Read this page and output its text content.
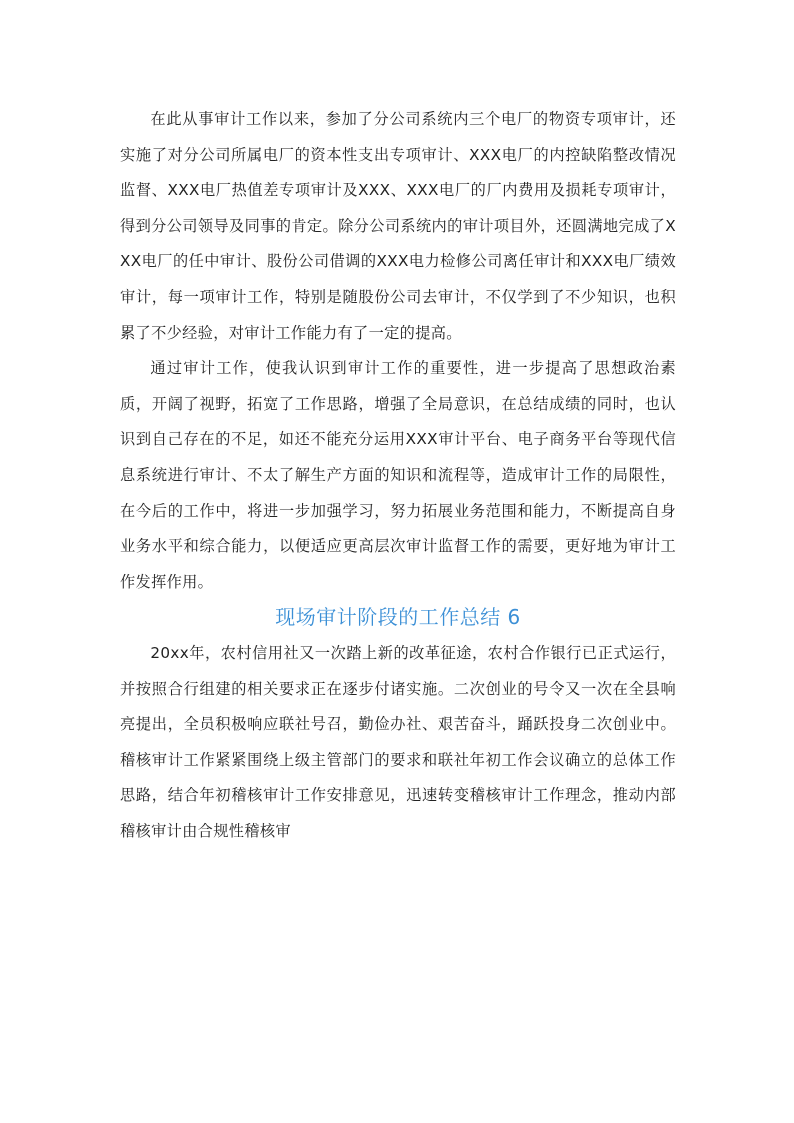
在此从事审计工作以来，参加了分公司系统内三个电厂的物资专项审计，还实施了对分公司所属电厂的资本性支出专项审计、XXX电厂的内控缺陷整改情况监督、XXX电厂热值差专项审计及XXX、XXX电厂的厂内费用及损耗专项审计，得到分公司领导及同事的肯定。除分公司系统内的审计项目外，还圆满地完成了XXX电厂的任中审计、股份公司借调的XXX电力检修公司离任审计和XXX电厂绩效审计，每一项审计工作，特别是随股份公司去审计，不仅学到了不少知识，也积累了不少经验，对审计工作能力有了一定的提高。

通过审计工作，使我认识到审计工作的重要性，进一步提高了思想政治素质，开阔了视野，拓宽了工作思路，增强了全局意识，在总结成绩的同时，也认识到自己存在的不足，如还不能充分运用XXX审计平台、电子商务平台等现代信息系统进行审计、不太了解生产方面的知识和流程等，造成审计工作的局限性，在今后的工作中，将进一步加强学习，努力拓展业务范围和能力，不断提高自身业务水平和综合能力，以便适应更高层次审计监督工作的需要，更好地为审计工作发挥作用。

现场审计阶段的工作总结 6

20xx年，农村信用社又一次踏上新的改革征途，农村合作银行已正式运行，并按照合行组建的相关要求正在逐步付诸实施。二次创业的号令又一次在全县响亮提出，全员积极响应联社号召，勤俭办社、艰苦奋斗，踊跃投身二次创业中。稽核审计工作紧紧围绕上级主管部门的要求和联社年初工作会议确立的总体工作思路，结合年初稽核审计工作安排意见，迅速转变稽核审计工作理念，推动内部稽核审计由合规性稽核审
